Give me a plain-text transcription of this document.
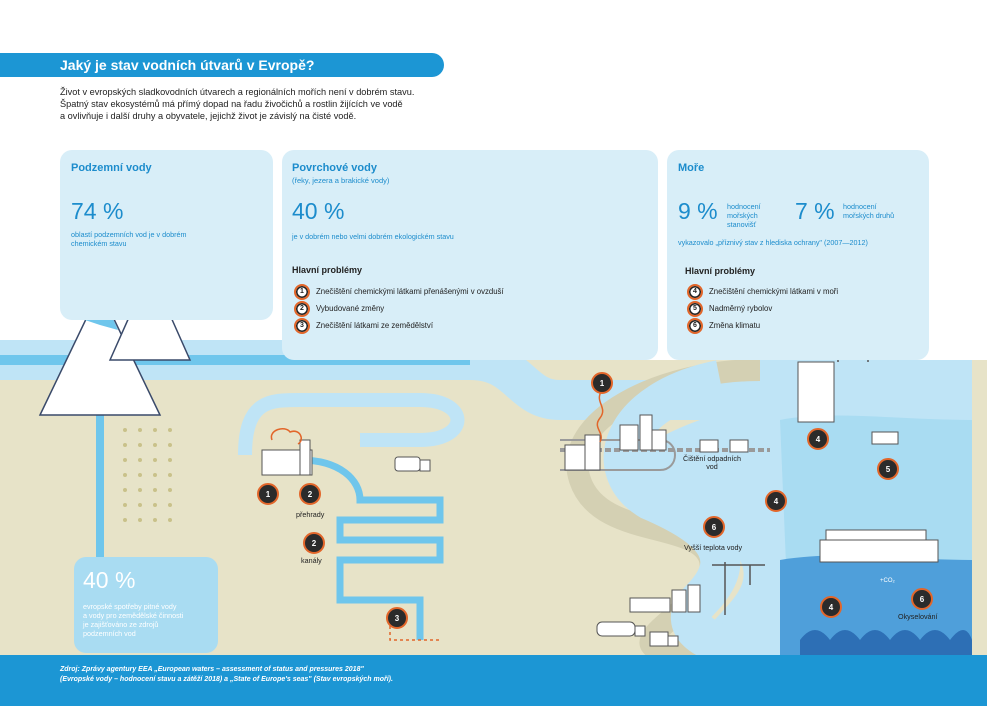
Jaký je stav vodních útvarů v Evropě?
Život v evropských sladkovodních útvarech a regionálních mořích není v dobrém stavu.
Špatný stav ekosystémů má přímý dopad na řadu živočichů a rostlin žijících ve vodě
a ovlivňuje i další druhy a obyvatele, jejichž život je závislý na čisté vodě.
Podzemní vody
74 %
oblastí podzemních vod je v dobrém chemickém stavu
Povrchové vody
(řeky, jezera a brakické vody)
40 %
je v dobrém nebo velmi dobrém ekologickém stavu
Hlavní problémy
1	Znečištění chemickými látkami přenášenými v ovzduší
2	Vybudované změny
3	Znečištění látkami ze zemědělství
Moře
9 % hodnocení mořských stanovišť
7 % hodnocení mořských druhů
vykazovalo „příznivý stav z hlediska ochrany" (2007—2012)
Hlavní problémy
4	Znečištění chemickými látkami v moři
5	Nadměrný rybolov
6	Změna klimatu
40 %
evropské spotřeby pitné vody
a vody pro zemědělské činnosti
je zajišťováno ze zdrojů
podzemních vod
přehrady
kanály
Čištění odpadních vod
Vyšší teplota vody
Okyselování
+CO₂
1	2
2
3
1
4
4
5
6
4
6
Zdroj: Zprávy agentury EEA „European waters – assessment of status and pressures 2018"
(Evropské vody – hodnocení stavu a zátěží 2018) a „State of Europe's seas" (Stav evropských moří).
